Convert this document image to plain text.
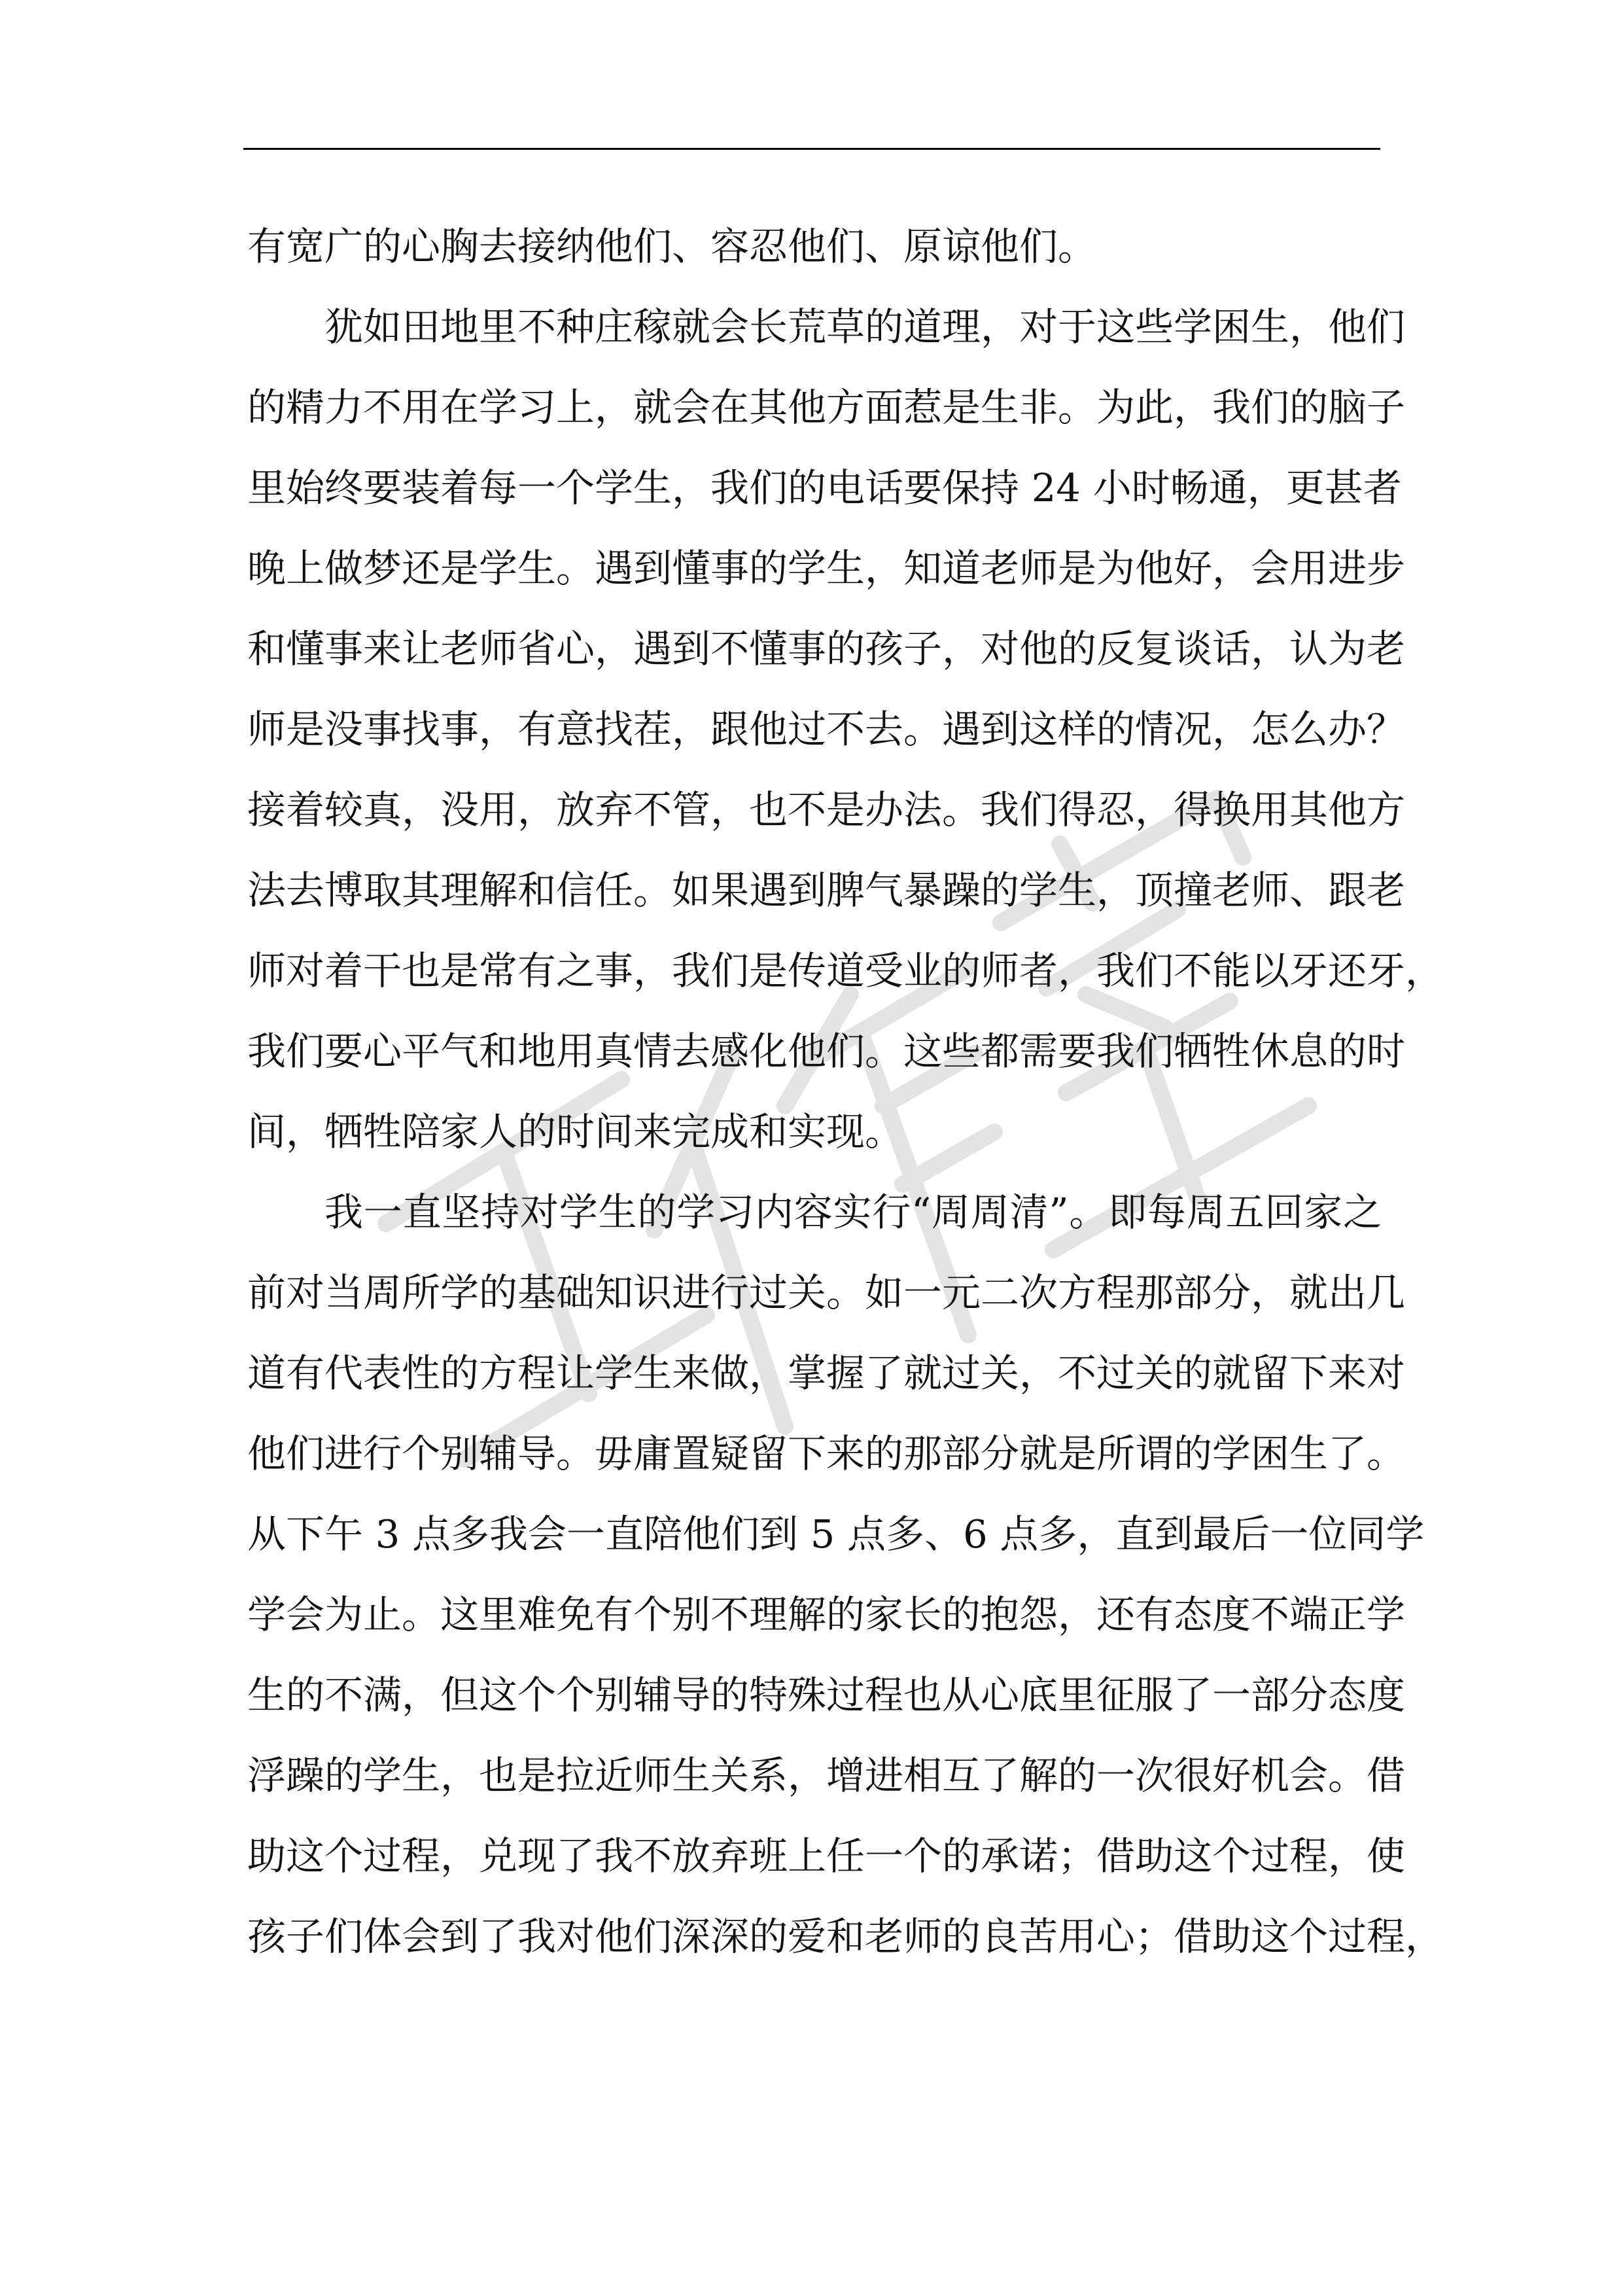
有宽广的心胸去接纳他们、容忍他们、原谅他们。
犹如田地里不种庄稼就会长荒草的道理，对于这些学困生，他们
的精力不用在学习上，就会在其他方面惹是生非。为此，我们的脑子
里始终要装着每一个学生，我们的电话要保持 24 小时畅通，更甚者
晚上做梦还是学生。遇到懂事的学生，知道老师是为他好，会用进步
和懂事来让老师省心，遇到不懂事的孩子，对他的反复谈话，认为老
师是没事找事，有意找茬，跟他过不去。遇到这样的情况，怎么办？
接着较真，没用，放弃不管，也不是办法。我们得忍，得换用其他方
法去博取其理解和信任。如果遇到脾气暴躁的学生，顶撞老师、跟老
师对着干也是常有之事，我们是传道受业的师者，我们不能以牙还牙，
我们要心平气和地用真情去感化他们。这些都需要我们牺牲休息的时
间，牺牲陪家人的时间来完成和实现。
我一直坚持对学生的学习内容实行“周周清”。即每周五回家之
前对当周所学的基础知识进行过关。如一元二次方程那部分，就出几
道有代表性的方程让学生来做，掌握了就过关，不过关的就留下来对
他们进行个别辅导。毋庸置疑留下来的那部分就是所谓的学困生了。
从下午 3 点多我会一直陪他们到 5 点多、6 点多，直到最后一位同学
学会为止。这里难免有个别不理解的家长的抱怨，还有态度不端正学
生的不满，但这个个别辅导的特殊过程也从心底里征服了一部分态度
浮躁的学生，也是拉近师生关系，增进相互了解的一次很好机会。借
助这个过程，兑现了我不放弃班上任一个的承诺；借助这个过程，使
孩子们体会到了我对他们深深的爱和老师的良苦用心；借助这个过程，
